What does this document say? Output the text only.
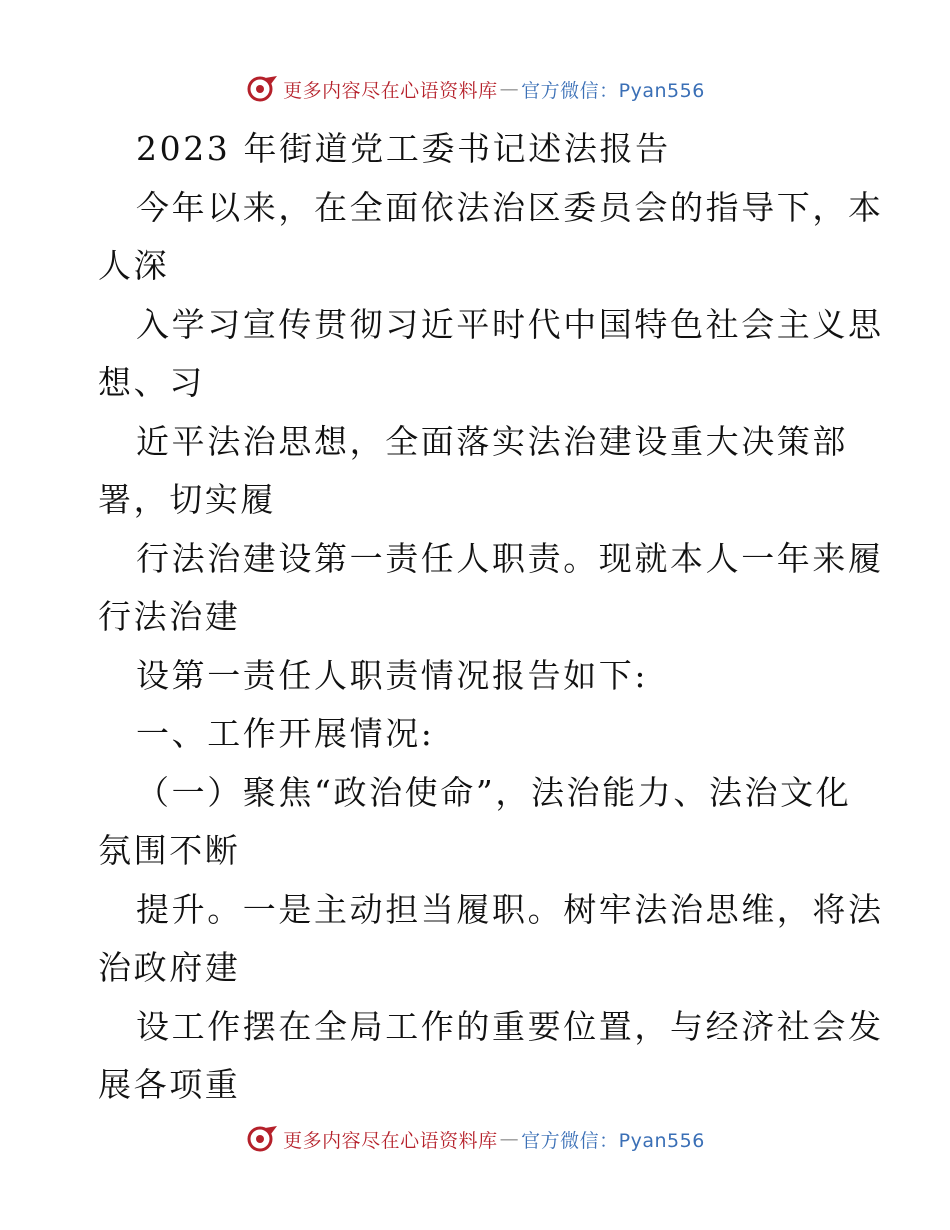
更多内容尽在心语资料库 — 官方微信：Pyan556
2023 年街道党工委书记述法报告
今年以来，在全面依法治区委员会的指导下，本
人深
入学习宣传贯彻习近平时代中国特色社会主义思
想、习
近平法治思想，全面落实法治建设重大决策部
署，切实履
行法治建设第一责任人职责。现就本人一年来履
行法治建
设第一责任人职责情况报告如下:
一、工作开展情况:
（一）聚焦“政治使命”，法治能力、法治文化
氛围不断
提升。一是主动担当履职。树牢法治思维，将法
治政府建
设工作摆在全局工作的重要位置，与经济社会发
展各项重
更多内容尽在心语资料库 — 官方微信：Pyan556
